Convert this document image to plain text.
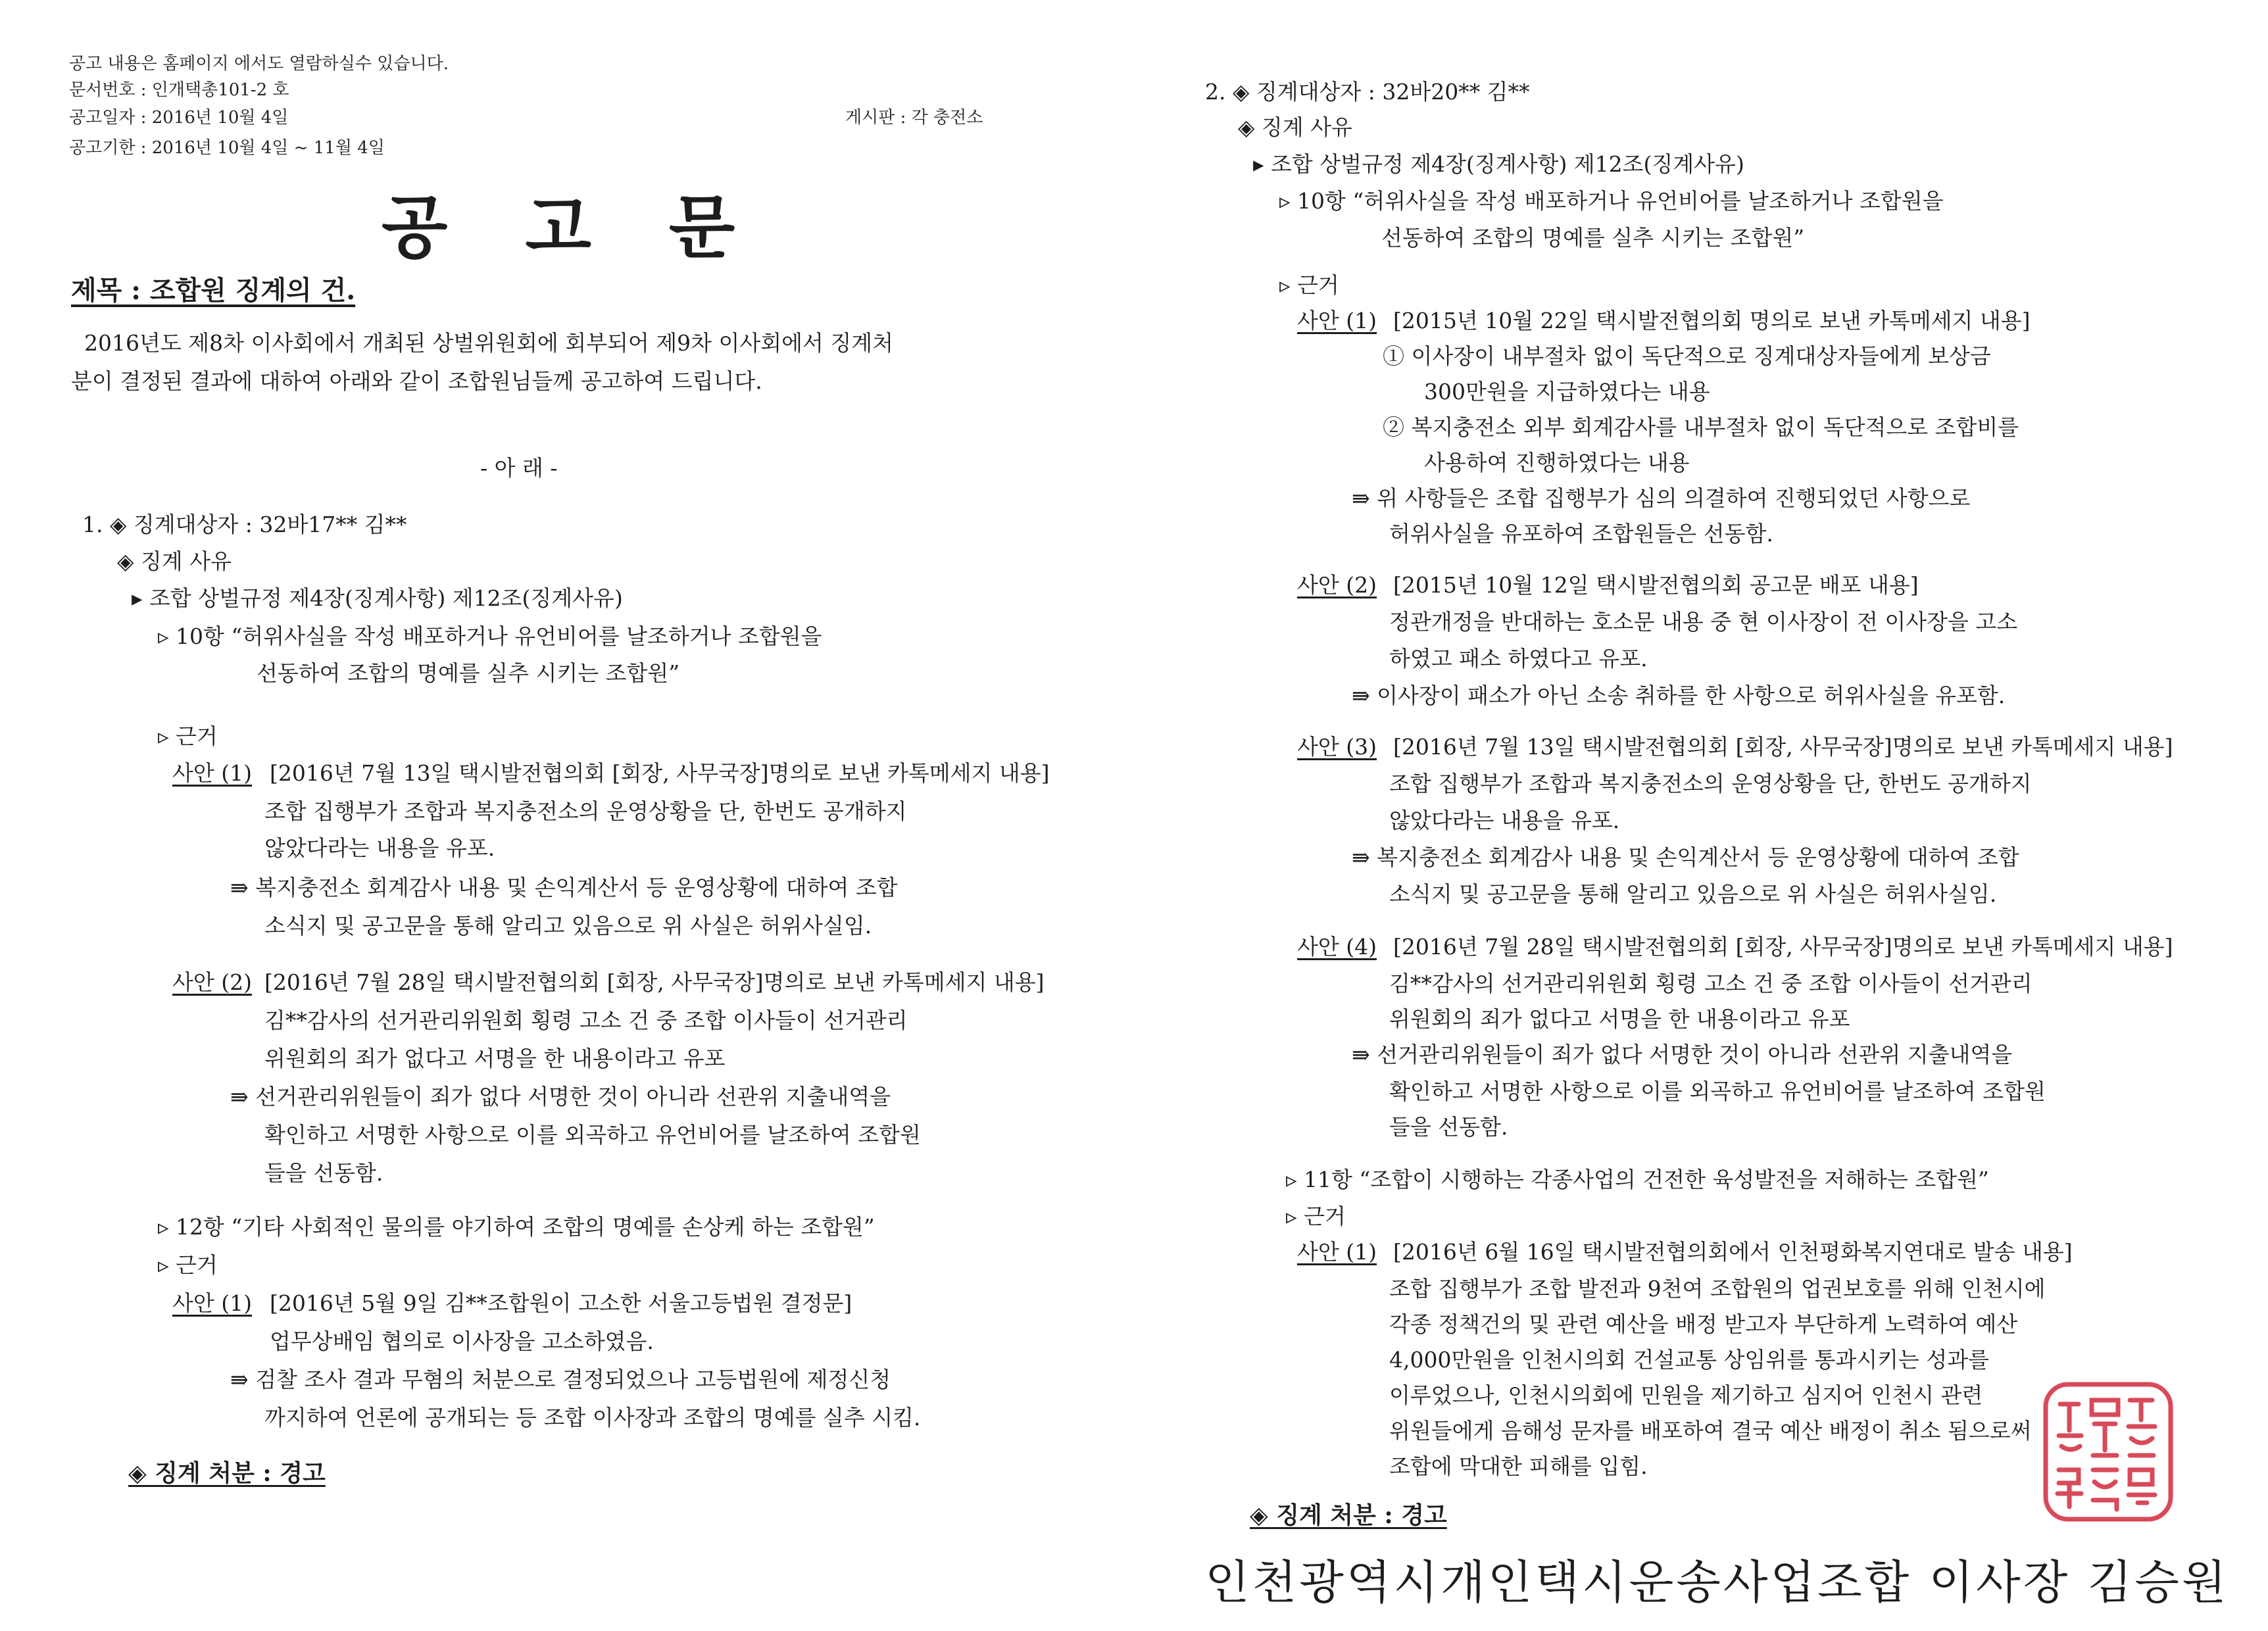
공고 내용은 홈페이지 에서도 열람하실수 있습니다.
문서번호 : 인개택총101-2 호
공고일자 : 2016년 10월 4일	게시판 : 각 충전소
공고기한 : 2016년 10월 4일 ~ 11월 4일
공고문
제목 : 조합원 징계의 건.
2016년도 제8차 이사회에서 개최된 상벌위원회에 회부되어 제9차 이사회에서 징계처
분이 결정된 결과에 대하여 아래와 같이 조합원님들께 공고하여 드립니다.
- 아 래 -
1. ◈ 징계대상자 : 32바17** 김**
◈ 징계 사유
▸ 조합 상벌규정 제4장(징계사항) 제12조(징계사유)
▹ 10항 “허위사실을 작성 배포하거나 유언비어를 날조하거나 조합원을
선동하여 조합의 명예를 실추 시키는 조합원”
▹ 근거
사안 (1) [2016년 7월 13일 택시발전협의회 [회장, 사무국장]명의로 보낸 카톡메세지 내용]
조합 집행부가 조합과 복지충전소의 운영상황을 단, 한번도 공개하지
않았다라는 내용을 유포.
⇛ 복지충전소 회계감사 내용 및 손익계산서 등 운영상황에 대하여 조합
소식지 및 공고문을 통해 알리고 있음으로 위 사실은 허위사실임.
사안 (2) [2016년 7월 28일 택시발전협의회 [회장, 사무국장]명의로 보낸 카톡메세지 내용]
김**감사의 선거관리위원회 횡령 고소 건 중 조합 이사들이 선거관리
위원회의 죄가 없다고 서명을 한 내용이라고 유포
⇛ 선거관리위원들이 죄가 없다 서명한 것이 아니라 선관위 지출내역을
확인하고 서명한 사항으로 이를 외곡하고 유언비어를 날조하여 조합원
들을 선동함.
▹ 12항 “기타 사회적인 물의를 야기하여 조합의 명예를 손상케 하는 조합원”
▹ 근거
사안 (1) [2016년 5월 9일 김**조합원이 고소한 서울고등법원 결정문]
업무상배임 협의로 이사장을 고소하였음.
⇛ 검찰 조사 결과 무혐의 처분으로 결정되었으나 고등법원에 제정신청
까지하여 언론에 공개되는 등 조합 이사장과 조합의 명예를 실추 시킴.
◈ 징계 처분 : 경고
2. ◈ 징계대상자 : 32바20** 김**
◈ 징계 사유
▸ 조합 상벌규정 제4장(징계사항) 제12조(징계사유)
▹ 10항 “허위사실을 작성 배포하거나 유언비어를 날조하거나 조합원을
선동하여 조합의 명예를 실추 시키는 조합원”
▹ 근거
사안 (1) [2015년 10월 22일 택시발전협의회 명의로 보낸 카톡메세지 내용]
① 이사장이 내부절차 없이 독단적으로 징계대상자들에게 보상금
300만원을 지급하였다는 내용
② 복지충전소 외부 회계감사를 내부절차 없이 독단적으로 조합비를
사용하여 진행하였다는 내용
⇛ 위 사항들은 조합 집행부가 심의 의결하여 진행되었던 사항으로
허위사실을 유포하여 조합원들은 선동함.
사안 (2) [2015년 10월 12일 택시발전협의회 공고문 배포 내용]
정관개정을 반대하는 호소문 내용 중 현 이사장이 전 이사장을 고소
하였고 패소 하였다고 유포.
⇛ 이사장이 패소가 아닌 소송 취하를 한 사항으로 허위사실을 유포함.
사안 (3) [2016년 7월 13일 택시발전협의회 [회장, 사무국장]명의로 보낸 카톡메세지 내용]
조합 집행부가 조합과 복지충전소의 운영상황을 단, 한번도 공개하지
않았다라는 내용을 유포.
⇛ 복지충전소 회계감사 내용 및 손익계산서 등 운영상황에 대하여 조합
소식지 및 공고문을 통해 알리고 있음으로 위 사실은 허위사실임.
사안 (4) [2016년 7월 28일 택시발전협의회 [회장, 사무국장]명의로 보낸 카톡메세지 내용]
김**감사의 선거관리위원회 횡령 고소 건 중 조합 이사들이 선거관리
위원회의 죄가 없다고 서명을 한 내용이라고 유포
⇛ 선거관리위원들이 죄가 없다 서명한 것이 아니라 선관위 지출내역을
확인하고 서명한 사항으로 이를 외곡하고 유언비어를 날조하여 조합원
들을 선동함.
▹ 11항 “조합이 시행하는 각종사업의 건전한 육성발전을 저해하는 조합원”
▹ 근거
사안 (1) [2016년 6월 16일 택시발전협의회에서 인천평화복지연대로 발송 내용]
조합 집행부가 조합 발전과 9천여 조합원의 업권보호를 위해 인천시에
각종 정책건의 및 관련 예산을 배정 받고자 부단하게 노력하여 예산
4,000만원을 인천시의회 건설교통 상임위를 통과시키는 성과를
이루었으나, 인천시의회에 민원을 제기하고 심지어 인천시 관련
위원들에게 음해성 문자를 배포하여 결국 예산 배정이 취소 됨으로써
조합에 막대한 피해를 입힘.
◈ 징계 처분 : 경고
인천광역시개인택시운송사업조합 이사장 김승원
